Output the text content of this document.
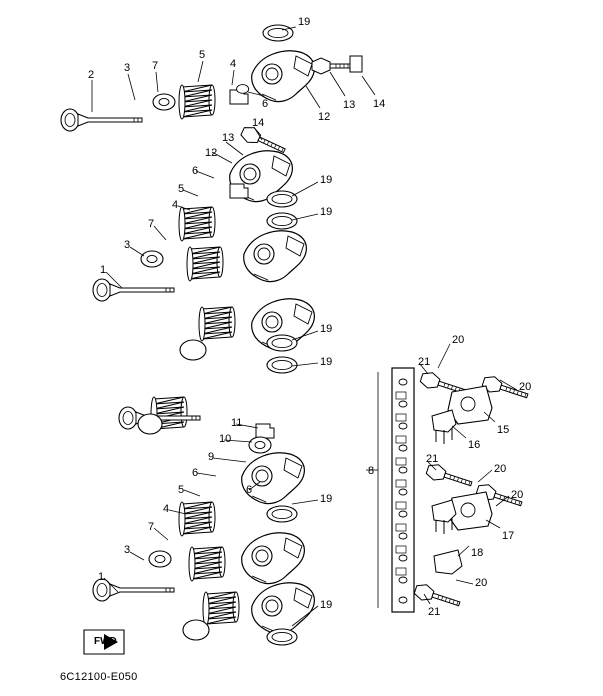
2
3 7
5
4
6
19
12
13 14
13
14
12
6
5
4
7
3
1
19
19
19
19
11
10
9
6
5	6
4
7
3
1
19
19
8
20
21
20
15
16
21
20
20
17
18
20
21
FWD
6C12100-E050
